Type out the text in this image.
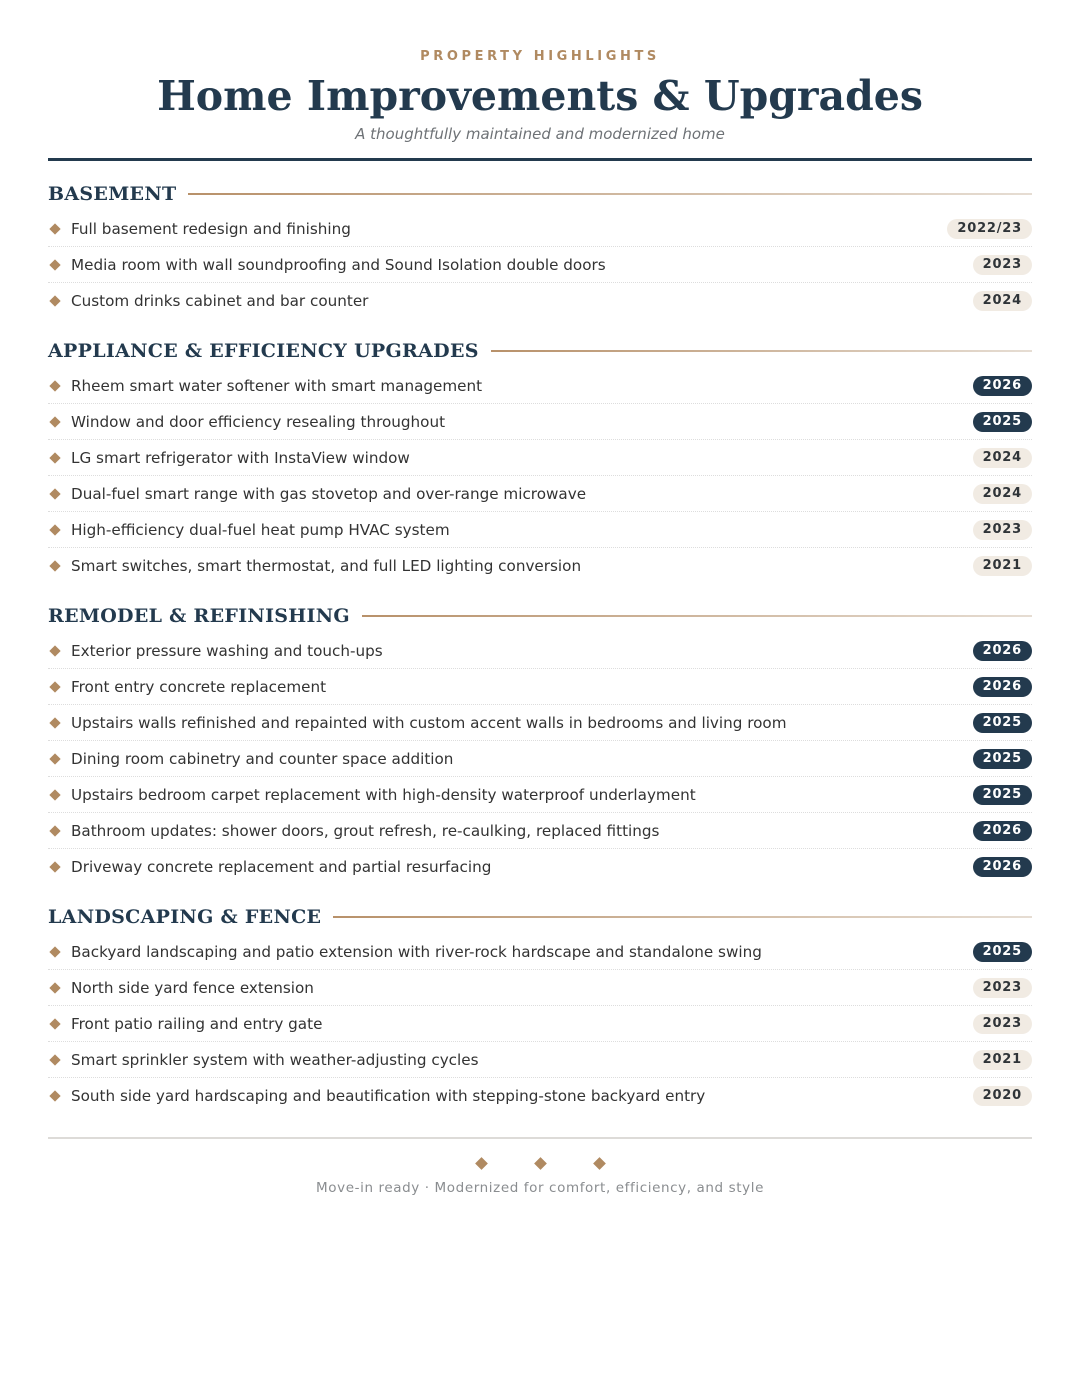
PROPERTY HIGHLIGHTS
Home Improvements & Upgrades
A thoughtfully maintained and modernized home
BASEMENT
Full basement redesign and finishing	2022/23
Media room with wall soundproofing and Sound Isolation double doors	2023
Custom drinks cabinet and bar counter	2024
APPLIANCE & EFFICIENCY UPGRADES
Rheem smart water softener with smart management	2026
Window and door efficiency resealing throughout	2025
LG smart refrigerator with InstaView window	2024
Dual-fuel smart range with gas stovetop and over-range microwave	2024
High-efficiency dual-fuel heat pump HVAC system	2023
Smart switches, smart thermostat, and full LED lighting conversion	2021
REMODEL & REFINISHING
Exterior pressure washing and touch-ups	2026
Front entry concrete replacement	2026
Upstairs walls refinished and repainted with custom accent walls in bedrooms and living room	2025
Dining room cabinetry and counter space addition	2025
Upstairs bedroom carpet replacement with high-density waterproof underlayment	2025
Bathroom updates: shower doors, grout refresh, re-caulking, replaced fittings	2026
Driveway concrete replacement and partial resurfacing	2026
LANDSCAPING & FENCE
Backyard landscaping and patio extension with river-rock hardscape and standalone swing	2025
North side yard fence extension	2023
Front patio railing and entry gate	2023
Smart sprinkler system with weather-adjusting cycles	2021
South side yard hardscaping and beautification with stepping-stone backyard entry	2020
Move-in ready · Modernized for comfort, efficiency, and style
